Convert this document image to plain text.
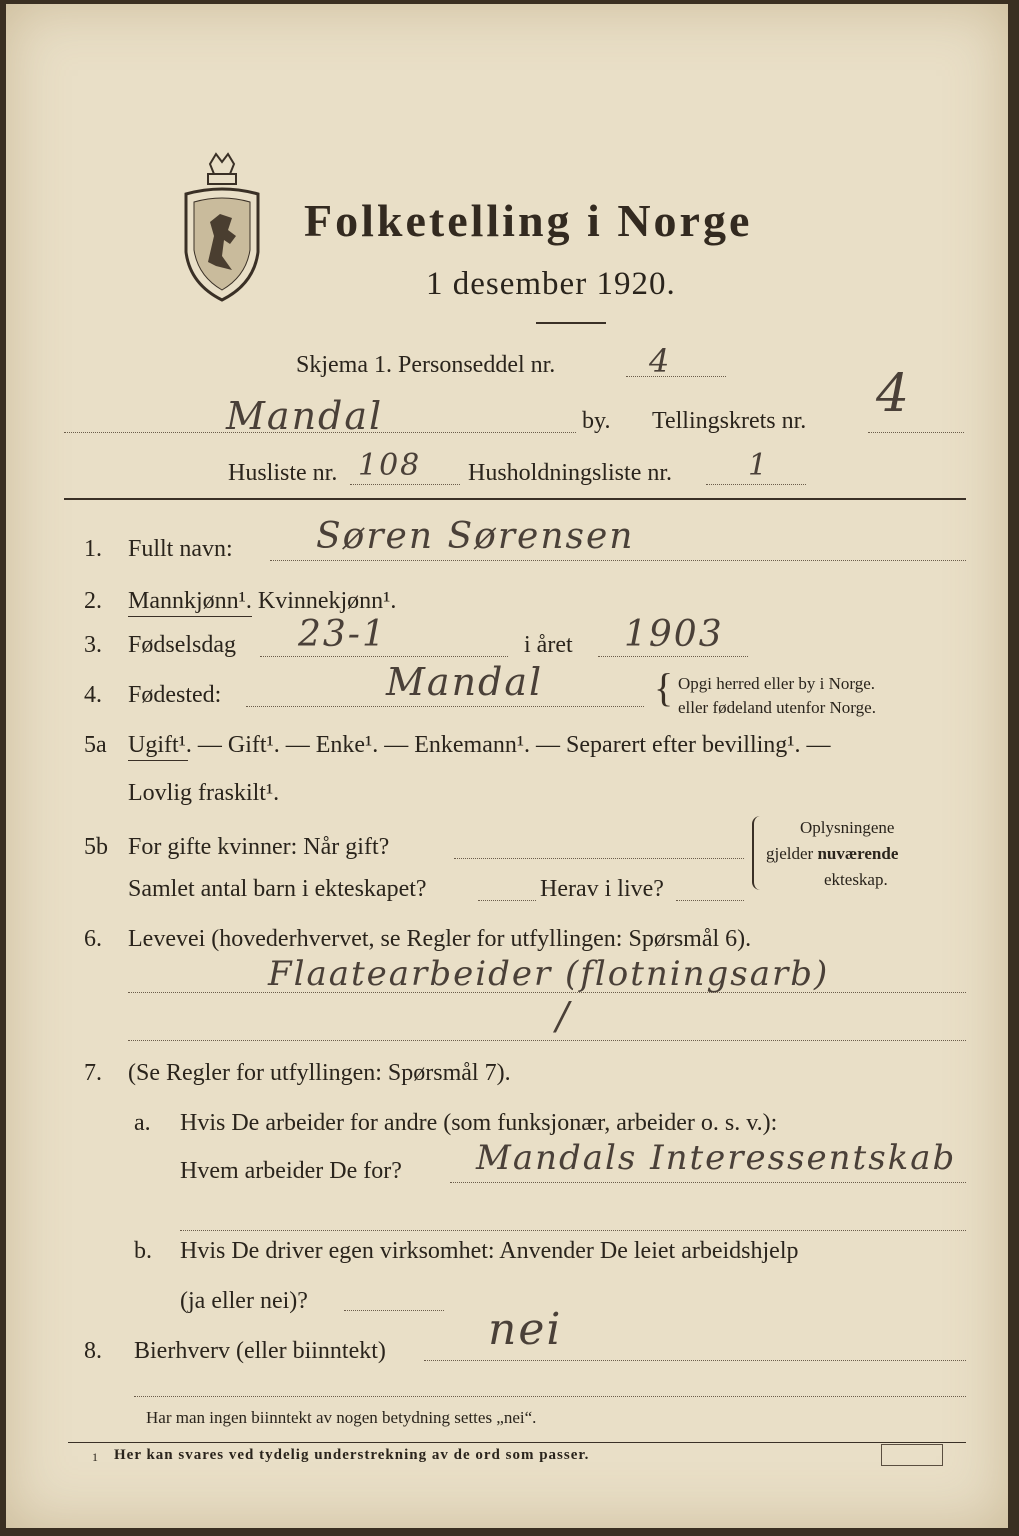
Folketelling i Norge
1 desember 1920.
Skjema 1. Personseddel nr.	4
Mandal	by. Tellingskrets nr. 4
Husliste nr. 108 Husholdningsliste nr.	1
1. Fullt navn: Søren Sørensen
2. Mannkjønn¹. Kvinnekjønn¹.
3. Fødselsdag 23-1	i året 1903
4. Fødested:	Mandal	{ Opgi herred eller by i Norge.
eller fødeland utenfor Norge.
5a Ugift¹. — Gift¹. — Enke¹. — Enkemann¹. — Separert efter bevilling¹. —
Lovlig fraskilt¹.
5b For gifte kvinner: Når gift?
Samlet antal barn i ekteskapet?	Herav i live?
Oplysningene
gjelder nuværende
ekteskap.
6. Levevei (hovederhvervet, se Regler for utfyllingen: Spørsmål 6).
Flaatearbeider (flotningsarb)
/
7. (Se Regler for utfyllingen: Spørsmål 7).
a. Hvis De arbeider for andre (som funksjonær, arbeider o. s. v.):
Hvem arbeider De for? Mandals Interessentskab
b. Hvis De driver egen virksomhet: Anvender De leiet arbeidshjelp
(ja eller nei)?
8. Bierhverv (eller biinntekt) nei
Har man ingen biinntekt av nogen betydning settes „nei“.
1 Her kan svares ved tydelig understrekning av de ord som passer.
